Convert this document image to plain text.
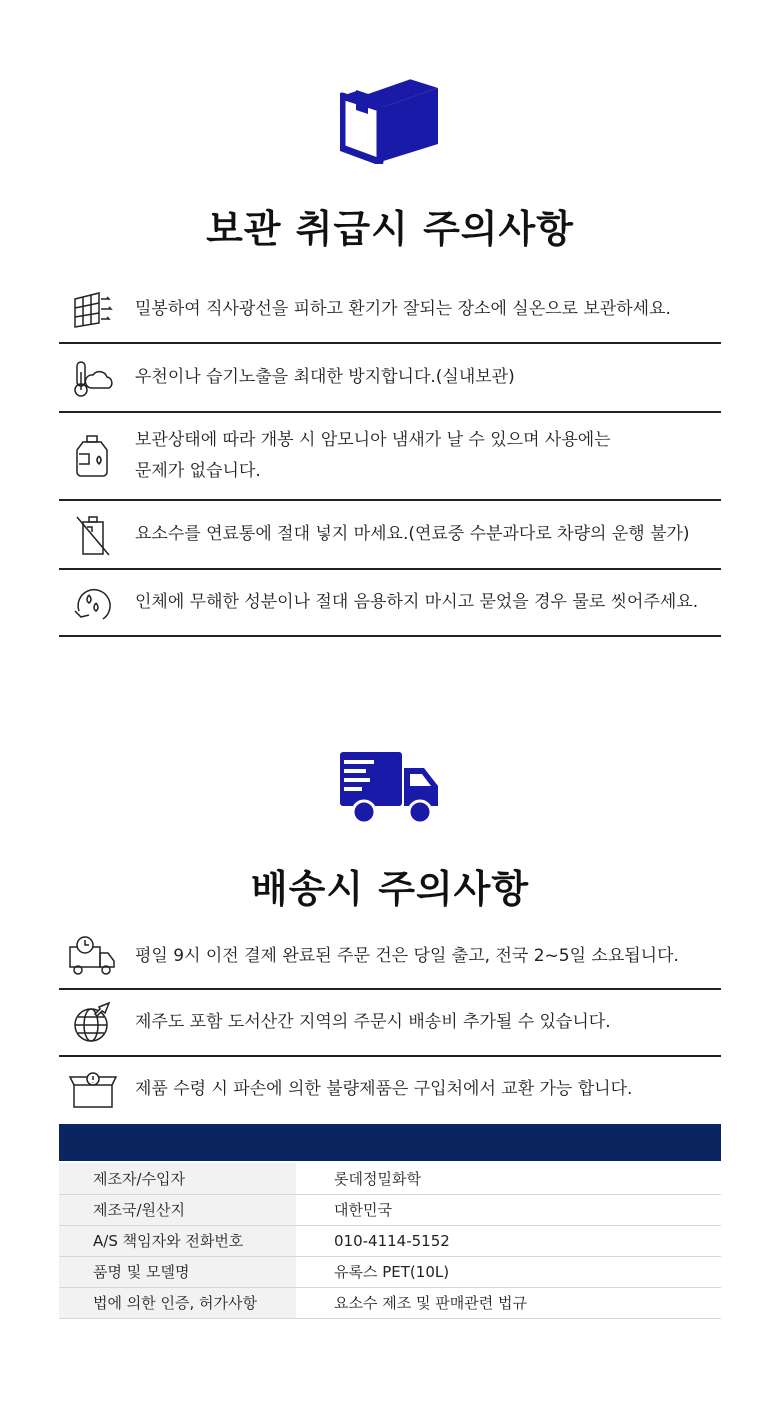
보관 취급시 주의사항
밀봉하여 직사광선을 피하고 환기가 잘되는 장소에 실온으로 보관하세요.
우천이나 습기노출을 최대한 방지합니다.(실내보관)
보관상태에 따라 개봉 시 암모니아 냄새가 날 수 있으며 사용에는
문제가 없습니다.
요소수를 연료통에 절대 넣지 마세요.(연료중 수분과다로 차량의 운행 불가)
인체에 무해한 성분이나 절대 음용하지 마시고 묻었을 경우 물로 씻어주세요.
배송시 주의사항
평일 9시 이전 결제 완료된 주문 건은 당일 출고, 전국 2~5일 소요됩니다.
제주도 포함 도서산간 지역의 주문시 배송비 추가될 수 있습니다.
제품 수령 시 파손에 의한 불량제품은 구입처에서 교환 가능 합니다.
제조자/수입자	롯데정밀화학
제조국/원산지	대한민국
A/S 책임자와 전화번호	010-4114-5152
품명 및 모델명	유록스 PET(10L)
법에 의한 인증, 허가사항	요소수 제조 및 판매관련 법규
